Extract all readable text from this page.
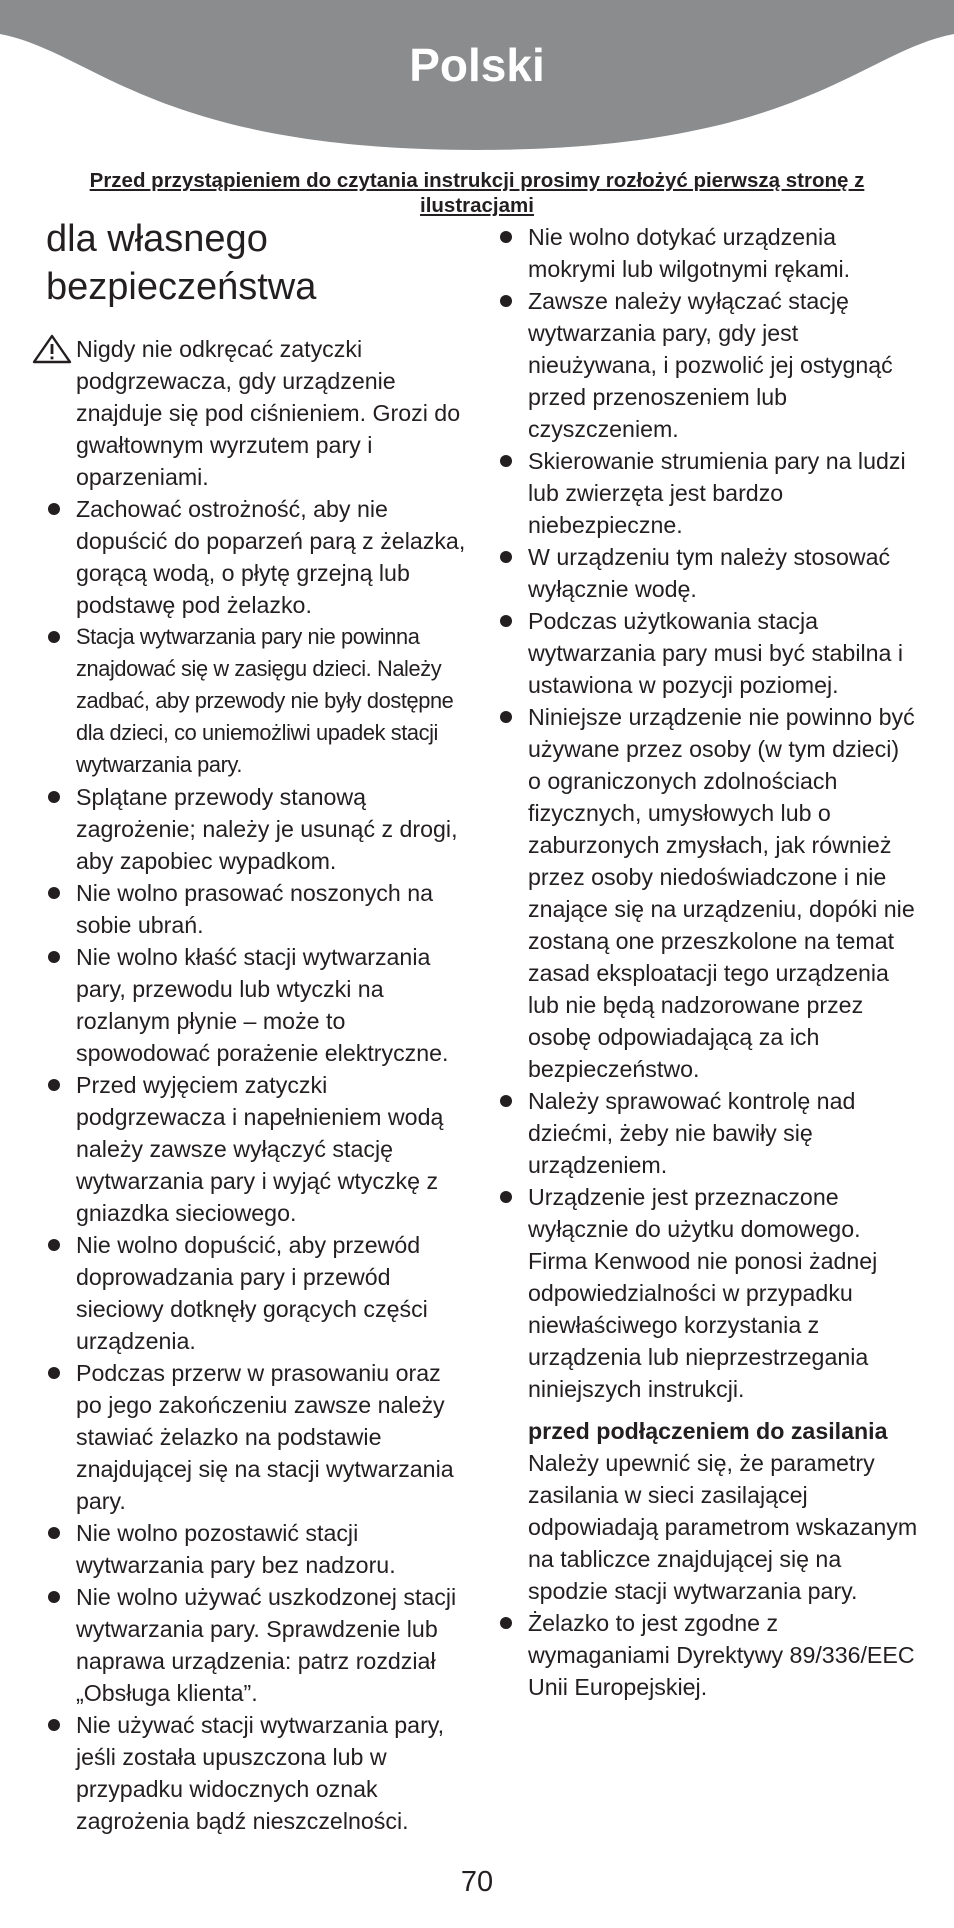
Polski
Przed przystąpieniem do czytania instrukcji prosimy rozłożyć pierwszą stronę z ilustracjami
dla własnego bezpieczeństwa
Nigdy nie odkręcać zatyczki podgrzewacza, gdy urządzenie znajduje się pod ciśnieniem. Grozi do gwałtownym wyrzutem pary i oparzeniami.
Zachować ostrożność, aby nie dopuścić do poparzeń parą z żelazka, gorącą wodą, o płytę grzejną lub podstawę pod żelazko.
Stacja wytwarzania pary nie powinna znajdować się w zasięgu dzieci. Należy zadbać, aby przewody nie były dostępne dla dzieci, co uniemożliwi upadek stacji wytwarzania pary.
Splątane przewody stanową zagrożenie; należy je usunąć z drogi, aby zapobiec wypadkom.
Nie wolno prasować noszonych na sobie ubrań.
Nie wolno kłaść stacji wytwarzania pary, przewodu lub wtyczki na rozlanym płynie – może to spowodować porażenie elektryczne.
Przed wyjęciem zatyczki podgrzewacza i napełnieniem wodą należy zawsze wyłączyć stację wytwarzania pary i wyjąć wtyczkę z gniazdka sieciowego.
Nie wolno dopuścić, aby przewód doprowadzania pary i przewód sieciowy dotknęły gorących części urządzenia.
Podczas przerw w prasowaniu oraz po jego zakończeniu zawsze należy stawiać żelazko na podstawie znajdującej się na stacji wytwarzania pary.
Nie wolno pozostawić stacji wytwarzania pary bez nadzoru.
Nie wolno używać uszkodzonej stacji wytwarzania pary. Sprawdzenie lub naprawa urządzenia: patrz rozdział „Obsługa klienta”.
Nie używać stacji wytwarzania pary, jeśli została upuszczona lub w przypadku widocznych oznak zagrożenia bądź nieszczelności.
Nie wolno dotykać urządzenia mokrymi lub wilgotnymi rękami.
Zawsze należy wyłączać stację wytwarzania pary, gdy jest nieużywana, i pozwolić jej ostygnąć przed przenoszeniem lub czyszczeniem.
Skierowanie strumienia pary na ludzi lub zwierzęta jest bardzo niebezpieczne.
W urządzeniu tym należy stosować wyłącznie wodę.
Podczas użytkowania stacja wytwarzania pary musi być stabilna i ustawiona w pozycji poziomej.
Niniejsze urządzenie nie powinno być używane przez osoby (w tym dzieci) o ograniczonych zdolnościach fizycznych, umysłowych lub o zaburzonych zmysłach, jak również przez osoby niedoświadczone i nie znające się na urządzeniu, dopóki nie zostaną one przeszkolone na temat zasad eksploatacji tego urządzenia lub nie będą nadzorowane przez osobę odpowiadającą za ich bezpieczeństwo.
Należy sprawować kontrolę nad dziećmi, żeby nie bawiły się urządzeniem.
Urządzenie jest przeznaczone wyłącznie do użytku domowego. Firma Kenwood nie ponosi żadnej odpowiedzialności w przypadku niewłaściwego korzystania z urządzenia lub nieprzestrzegania niniejszych instrukcji.
przed podłączeniem do zasilania
Należy upewnić się, że parametry zasilania w sieci zasilającej odpowiadają parametrom wskazanym na tabliczce znajdującej się na spodzie stacji wytwarzania pary.
Żelazko to jest zgodne z wymaganiami Dyrektywy 89/336/EEC Unii Europejskiej.
70
